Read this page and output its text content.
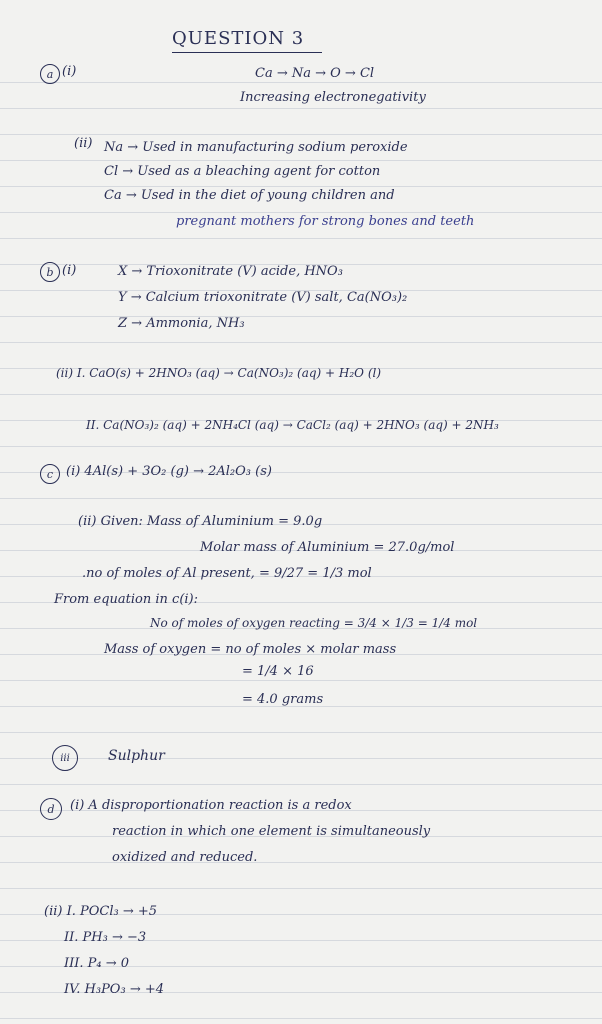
QUESTION 3
a (i)	Ca → Na → O → Cl
Increasing electronegativity
(ii) Na → Used in manufacturing sodium peroxide
Cl → Used as a bleaching agent for cotton
Ca → Used in the diet of young children and
pregnant mothers for strong bones and teeth
b (i)	X → Trioxonitrate (V) acide, HNO₃
Y → Calcium trioxonitrate (V) salt, Ca(NO₃)₂
Z → Ammonia, NH₃
(ii) I. CaO(s) + 2HNO₃ (aq) → Ca(NO₃)₂ (aq) + H₂O (l)
II. Ca(NO₃)₂ (aq) + 2NH₄Cl (aq) → CaCl₂ (aq) + 2HNO₃ (aq) + 2NH₃
c (i) 4Al(s) + 3O₂ (g) → 2Al₂O₃ (s)
(ii) Given: Mass of Aluminium = 9.0g
Molar mass of Aluminium = 27.0g/mol
.no of moles of Al present, = 9/27 = 1/3 mol
From equation in c(i):
No of moles of oxygen reacting = 3/4 × 1/3 = 1/4 mol
Mass of oxygen = no of moles × molar mass
= 1/4 × 16
= 4.0 grams
iii	Sulphur
d	(i) A disproportionation reaction is a redox
reaction in which one element is simultaneously
oxidized and reduced.
(ii) I. POCl₃ → +5
II. PH₃ → −3
III. P₄ → 0
IV. H₃PO₃ → +4
